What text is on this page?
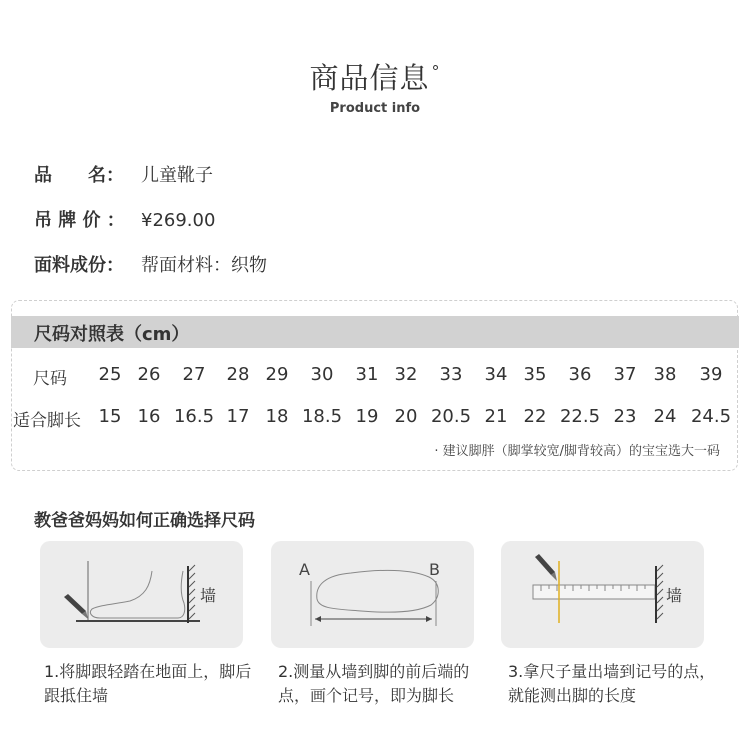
商品信息 °
Product info
品　　名： 儿童靴子
吊 牌 价 ： ¥269.00
面料成份： 帮面材料：织物
尺码对照表（cm）
尺码 25 26 27 28 29 30 31 32 33 34 35 36 37 38 39
适合脚长 15 16 16.5 17 18 18.5 19 20 20.5 21 22 22.5 23 24 24.5
· 建议脚胖（脚掌较宽/脚背较高）的宝宝选大一码
教爸爸妈妈如何正确选择尺码
墙
A	B
墙
1.将脚跟轻踏在地面上，脚后跟抵住墙
2.测量从墙到脚的前后端的点，画个记号，即为脚长
3.拿尺子量出墙到记号的点，就能测出脚的长度
